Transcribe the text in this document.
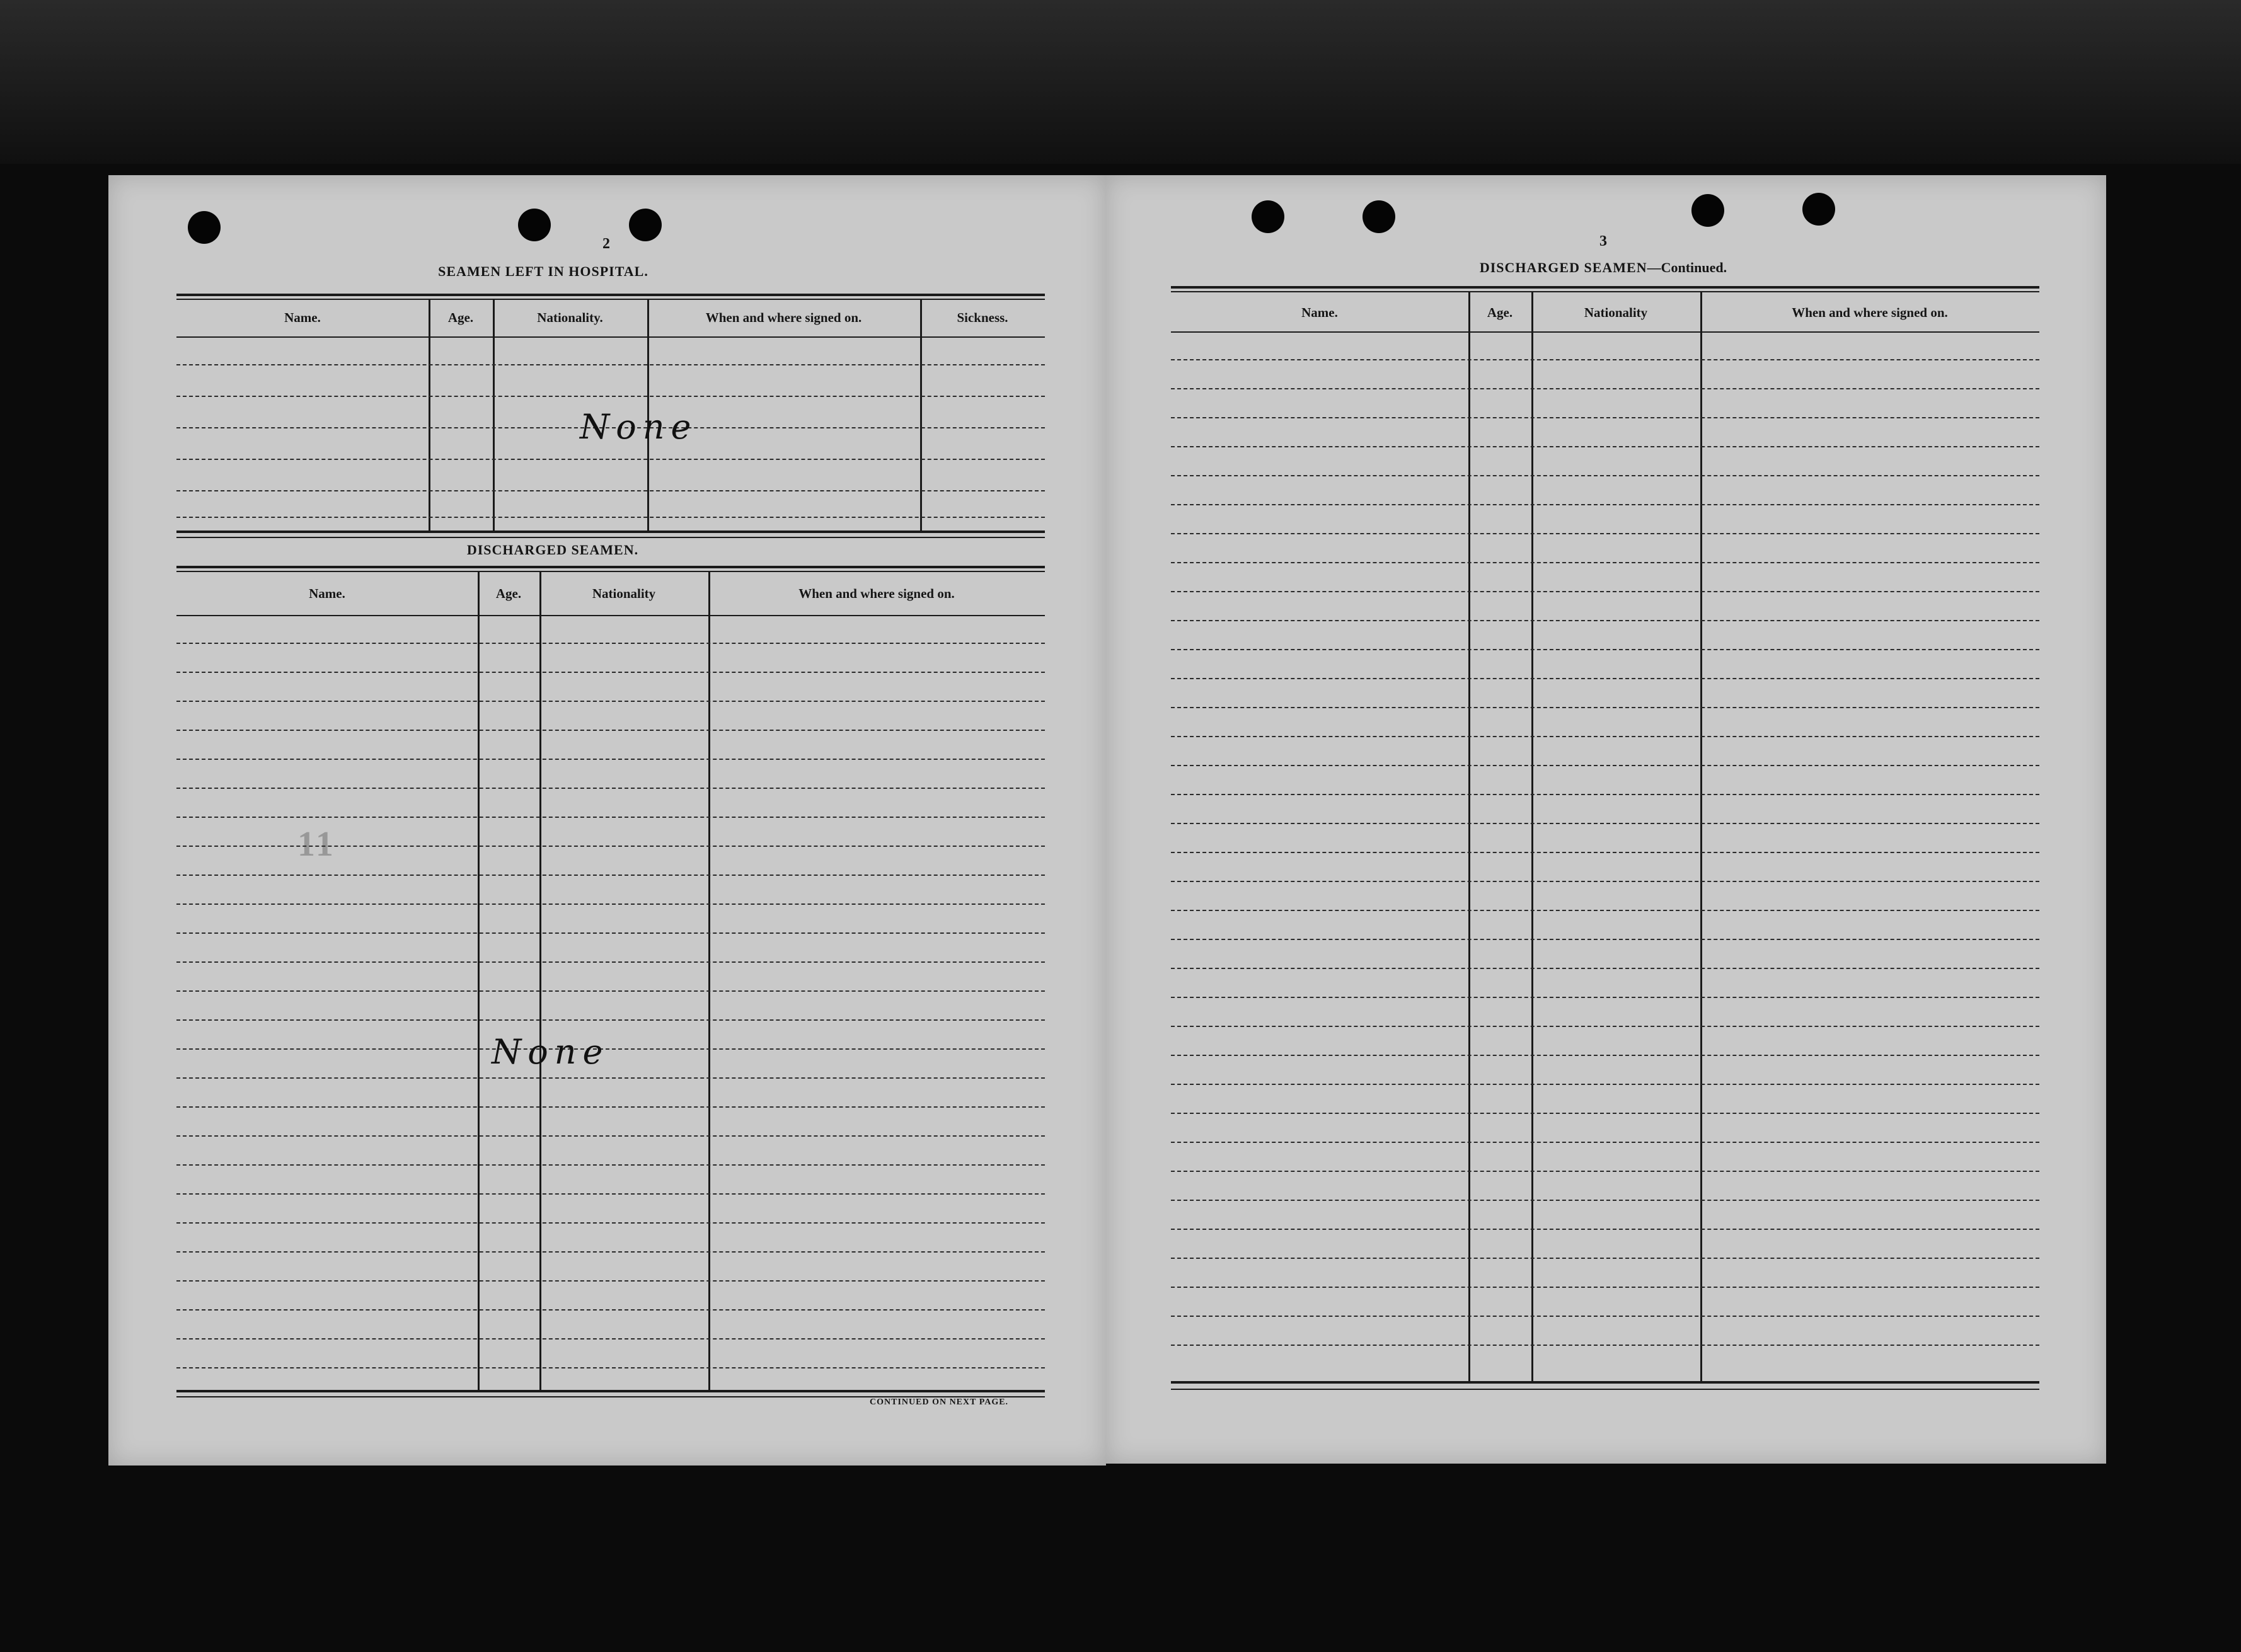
2
SEAMEN LEFT IN HOSPITAL.
Name.	Age.	Nationality.	When and where signed on.	Sickness.
None
DISCHARGED SEAMEN.
Name.	Age.	Nationality	When and where signed on.
None
CONTINUED ON NEXT PAGE.
11
3
DISCHARGED SEAMEN—Continued.
Name.	Age.	Nationality	When and where signed on.
